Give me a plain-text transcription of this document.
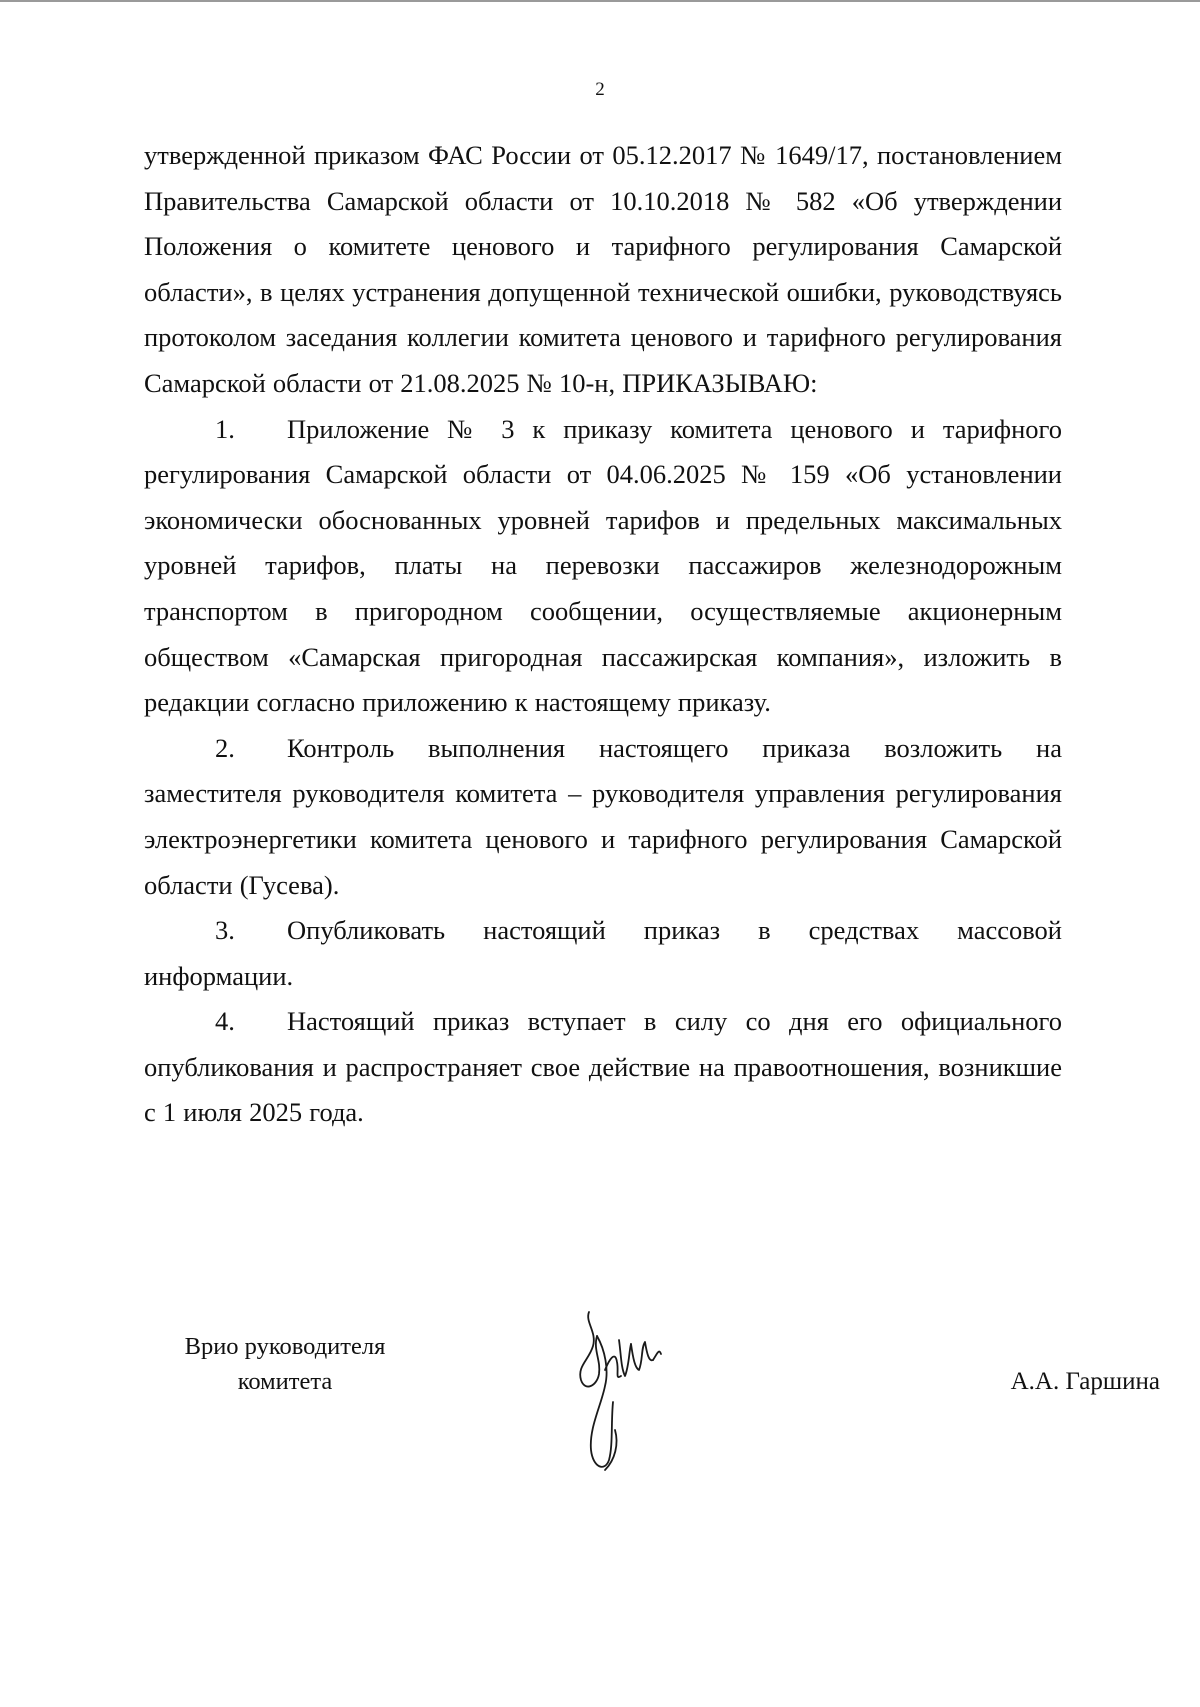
2

утвержденной приказом ФАС России от 05.12.2017 № 1649/17, постановлением Правительства Самарской области от 10.10.2018 № 582 «Об утверждении Положения о комитете ценового и тарифного регулирования Самарской области», в целях устранения допущенной технической ошибки, руководствуясь протоколом заседания коллегии комитета ценового и тарифного регулирования Самарской области от 21.08.2025 № 10-н, ПРИКАЗЫВАЮ:

1. Приложение № 3 к приказу комитета ценового и тарифного регулирования Самарской области от 04.06.2025 № 159 «Об установлении экономически обоснованных уровней тарифов и предельных максимальных уровней тарифов, платы на перевозки пассажиров железнодорожным транспортом в пригородном сообщении, осуществляемые акционерным обществом «Самарская пригородная пассажирская компания», изложить в редакции согласно приложению к настоящему приказу.

2. Контроль выполнения настоящего приказа возложить на заместителя руководителя комитета – руководителя управления регулирования электроэнергетики комитета ценового и тарифного регулирования Самарской области (Гусева).

3. Опубликовать настоящий приказ в средствах массовой информации.

4. Настоящий приказ вступает в силу со дня его официального опубликования и распространяет свое действие на правоотношения, возникшие с 1 июля 2025 года.

Врио руководителя
комитета	А.А. Гаршина
